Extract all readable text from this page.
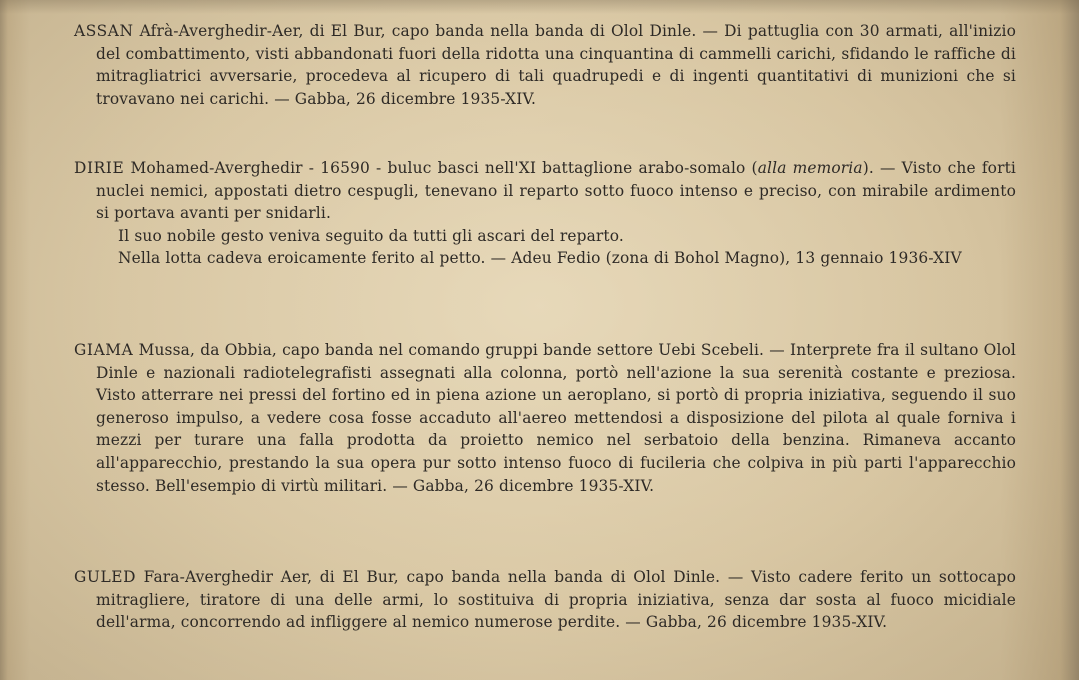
ASSAN Afrà-Averghedir-Aer, di El Bur, capo banda nella banda di Olol Dinle. — Di pattuglia con 30 armati, all'inizio del combattimento, visti abbandonati fuori della ridotta una cinquantina di cammelli carichi, sfidando le raffiche di mitragliatrici avversarie, procedeva al ricupero di tali quadrupedi e di ingenti quantitativi di munizioni che si trovavano nei carichi. — Gabba, 26 dicembre 1935-XIV.

DIRIE Mohamed-Averghedir - 16590 - buluc basci nell'XI battaglione arabo-somalo (alla memoria). — Visto che forti nuclei nemici, appostati dietro cespugli, tenevano il reparto sotto fuoco intenso e preciso, con mirabile ardimento si portava avanti per snidarli.

Il suo nobile gesto veniva seguito da tutti gli ascari del reparto.

Nella lotta cadeva eroicamente ferito al petto. — Adeu Fedio (zona di Bohol Magno), 13 gennaio 1936-XIV

GIAMA Mussa, da Obbia, capo banda nel comando gruppi bande settore Uebi Scebeli. — Interprete fra il sultano Olol Dinle e nazionali radiotelegrafisti assegnati alla colonna, portò nell'azione la sua serenità costante e preziosa. Visto atterrare nei pressi del fortino ed in piena azione un aeroplano, si portò di propria iniziativa, seguendo il suo generoso impulso, a vedere cosa fosse accaduto all'aereo mettendosi a disposizione del pilota al quale forniva i mezzi per turare una falla prodotta da proietto nemico nel serbatoio della benzina. Rimaneva accanto all'apparecchio, prestando la sua opera pur sotto intenso fuoco di fucileria che colpiva in più parti l'apparecchio stesso. Bell'esempio di virtù militari. — Gabba, 26 dicembre 1935-XIV.

GULED Fara-Averghedir Aer, di El Bur, capo banda nella banda di Olol Dinle. — Visto cadere ferito un sottocapo mitragliere, tiratore di una delle armi, lo sostituiva di propria iniziativa, senza dar sosta al fuoco micidiale dell'arma, concorrendo ad infliggere al nemico numerose perdite. — Gabba, 26 dicembre 1935-XIV.
